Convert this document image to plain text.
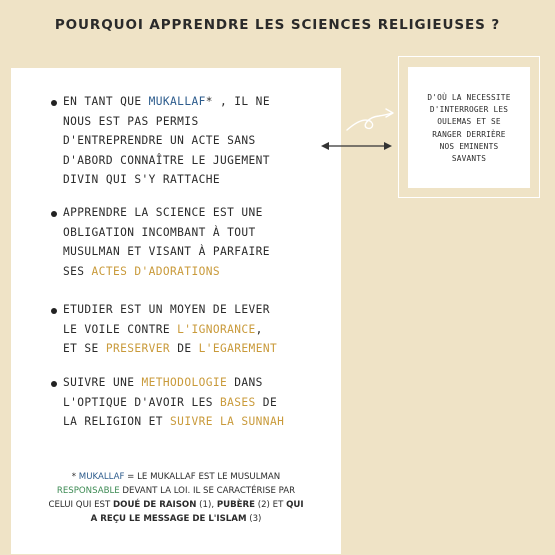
POURQUOI APPRENDRE LES SCIENCES RELIGIEUSES ?
EN TANT QUE MUKALLAF* , IL NE
NOUS EST PAS PERMIS
D'ENTREPRENDRE UN ACTE SANS
D'ABORD CONNAÎTRE LE JUGEMENT
DIVIN QUI S'Y RATTACHE
APPRENDRE LA SCIENCE EST UNE
OBLIGATION INCOMBANT À TOUT
MUSULMAN ET VISANT À PARFAIRE
SES ACTES D'ADORATIONS
ETUDIER EST UN MOYEN DE LEVER
LE VOILE CONTRE L'IGNORANCE,
ET SE PRESERVER DE L'EGAREMENT
SUIVRE UNE METHODOLOGIE DANS
L'OPTIQUE D'AVOIR LES BASES DE
LA RELIGION ET SUIVRE LA SUNNAH
* MUKALLAF = LE MUKALLAF EST LE MUSULMAN
RESPONSABLE DEVANT LA LOI. IL SE CARACTÉRISE PAR
CELUI QUI EST DOUÉ DE RAISON (1), PUBÈRE (2) ET QUI
A REÇU LE MESSAGE DE L'ISLAM (3)
D'OÙ LA NECESSITE
D'INTERROGER LES
OULEMAS ET SE
RANGER DERRIÈRE
NOS EMINENTS
SAVANTS
